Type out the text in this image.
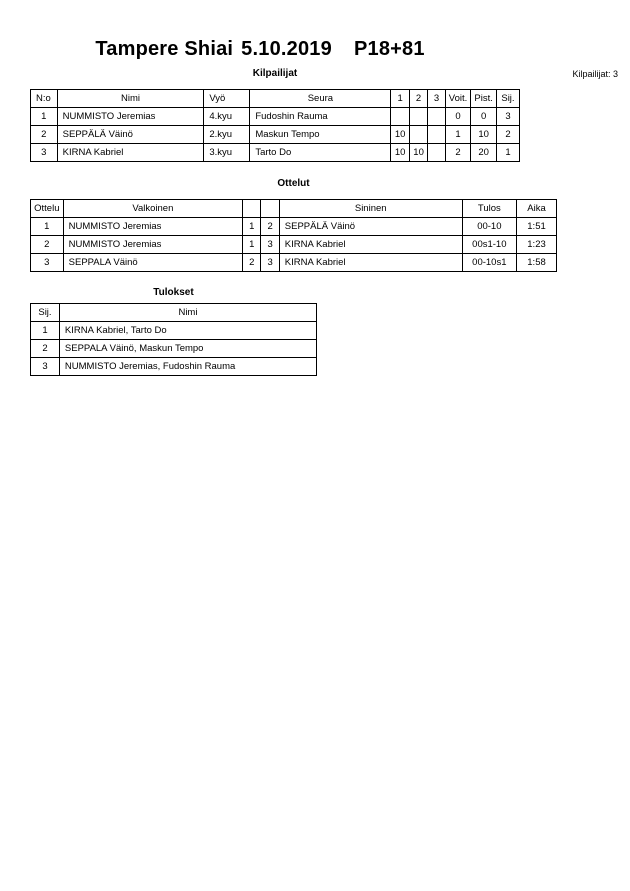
Tampere Shiai 5.10.2019 P18+81
Kilpailijat: 3
Kilpailijat
N:o	Nimi	Vyö	Seura	1	2	3	Voit.	Pist.	Sij.
1	NUMMISTO Jeremias	4.kyu	Fudoshin Rauma				0	0	3
2	SEPPÄLÄ Väinö	2.kyu	Maskun Tempo	10			1	10	2
3	KIRNA Kabriel	3.kyu	Tarto Do	10	10		2	20	1
Ottelut
Ottelu	Valkoinen			Sininen	Tulos	Aika
1	NUMMISTO Jeremias	1	2	SEPPÄLÄ Väinö	00-10	1:51
2	NUMMISTO Jeremias	1	3	KIRNA Kabriel	00s1-10	1:23
3	SEPPALA Väinö	2	3	KIRNA Kabriel	00-10s1	1:58
Tulokset
Sij.	Nimi
1	KIRNA Kabriel, Tarto Do
2	SEPPALA Väinö, Maskun Tempo
3	NUMMISTO Jeremias, Fudoshin Rauma
